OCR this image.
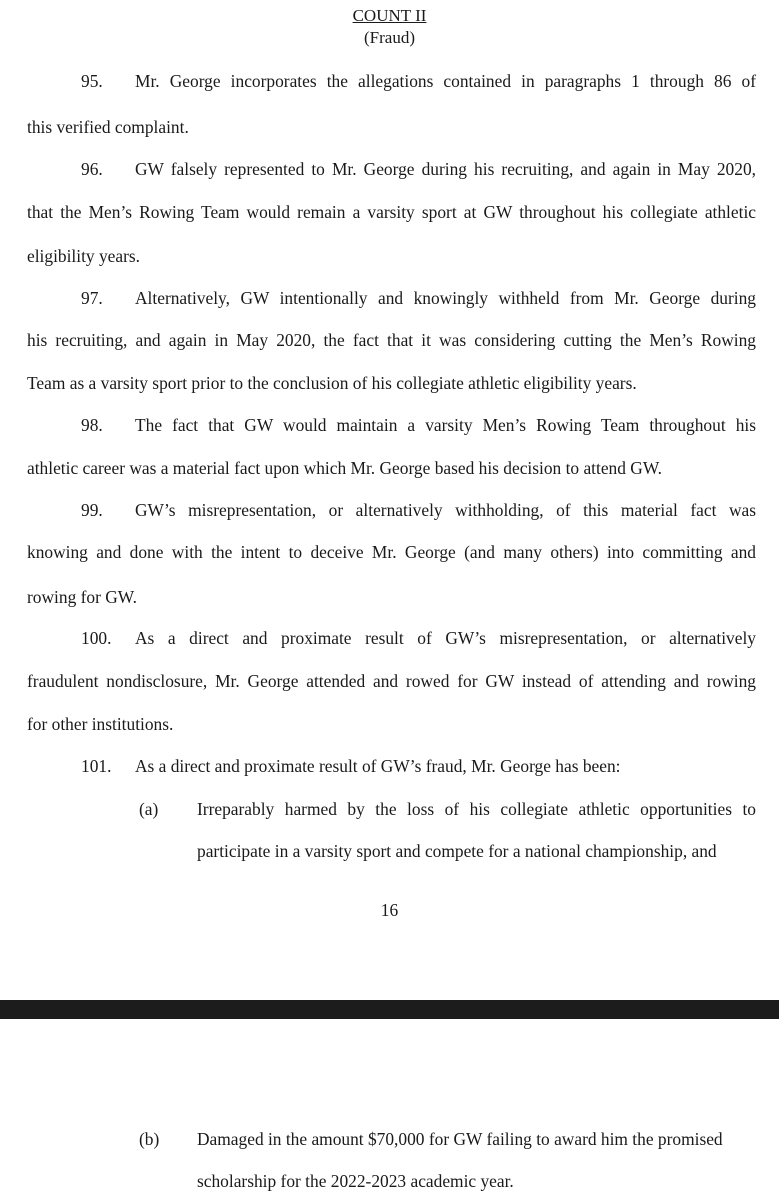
COUNT II
(Fraud)
95. Mr. George incorporates the allegations contained in paragraphs 1 through 86 of
this verified complaint.
96. GW falsely represented to Mr. George during his recruiting, and again in May 2020,
that the Men’s Rowing Team would remain a varsity sport at GW throughout his collegiate athletic
eligibility years.
97. Alternatively, GW intentionally and knowingly withheld from Mr. George during
his recruiting, and again in May 2020, the fact that it was considering cutting the Men’s Rowing
Team as a varsity sport prior to the conclusion of his collegiate athletic eligibility years.
98. The fact that GW would maintain a varsity Men’s Rowing Team throughout his
athletic career was a material fact upon which Mr. George based his decision to attend GW.
99. GW’s misrepresentation, or alternatively withholding, of this material fact was
knowing and done with the intent to deceive Mr. George (and many others) into committing and
rowing for GW.
100. As a direct and proximate result of GW’s misrepresentation, or alternatively
fraudulent nondisclosure, Mr. George attended and rowed for GW instead of attending and rowing
for other institutions.
101. As a direct and proximate result of GW’s fraud, Mr. George has been:
(a) Irreparably harmed by the loss of his collegiate athletic opportunities to
participate in a varsity sport and compete for a national championship, and
16
(b) Damaged in the amount $70,000 for GW failing to award him the promised
scholarship for the 2022-2023 academic year.
